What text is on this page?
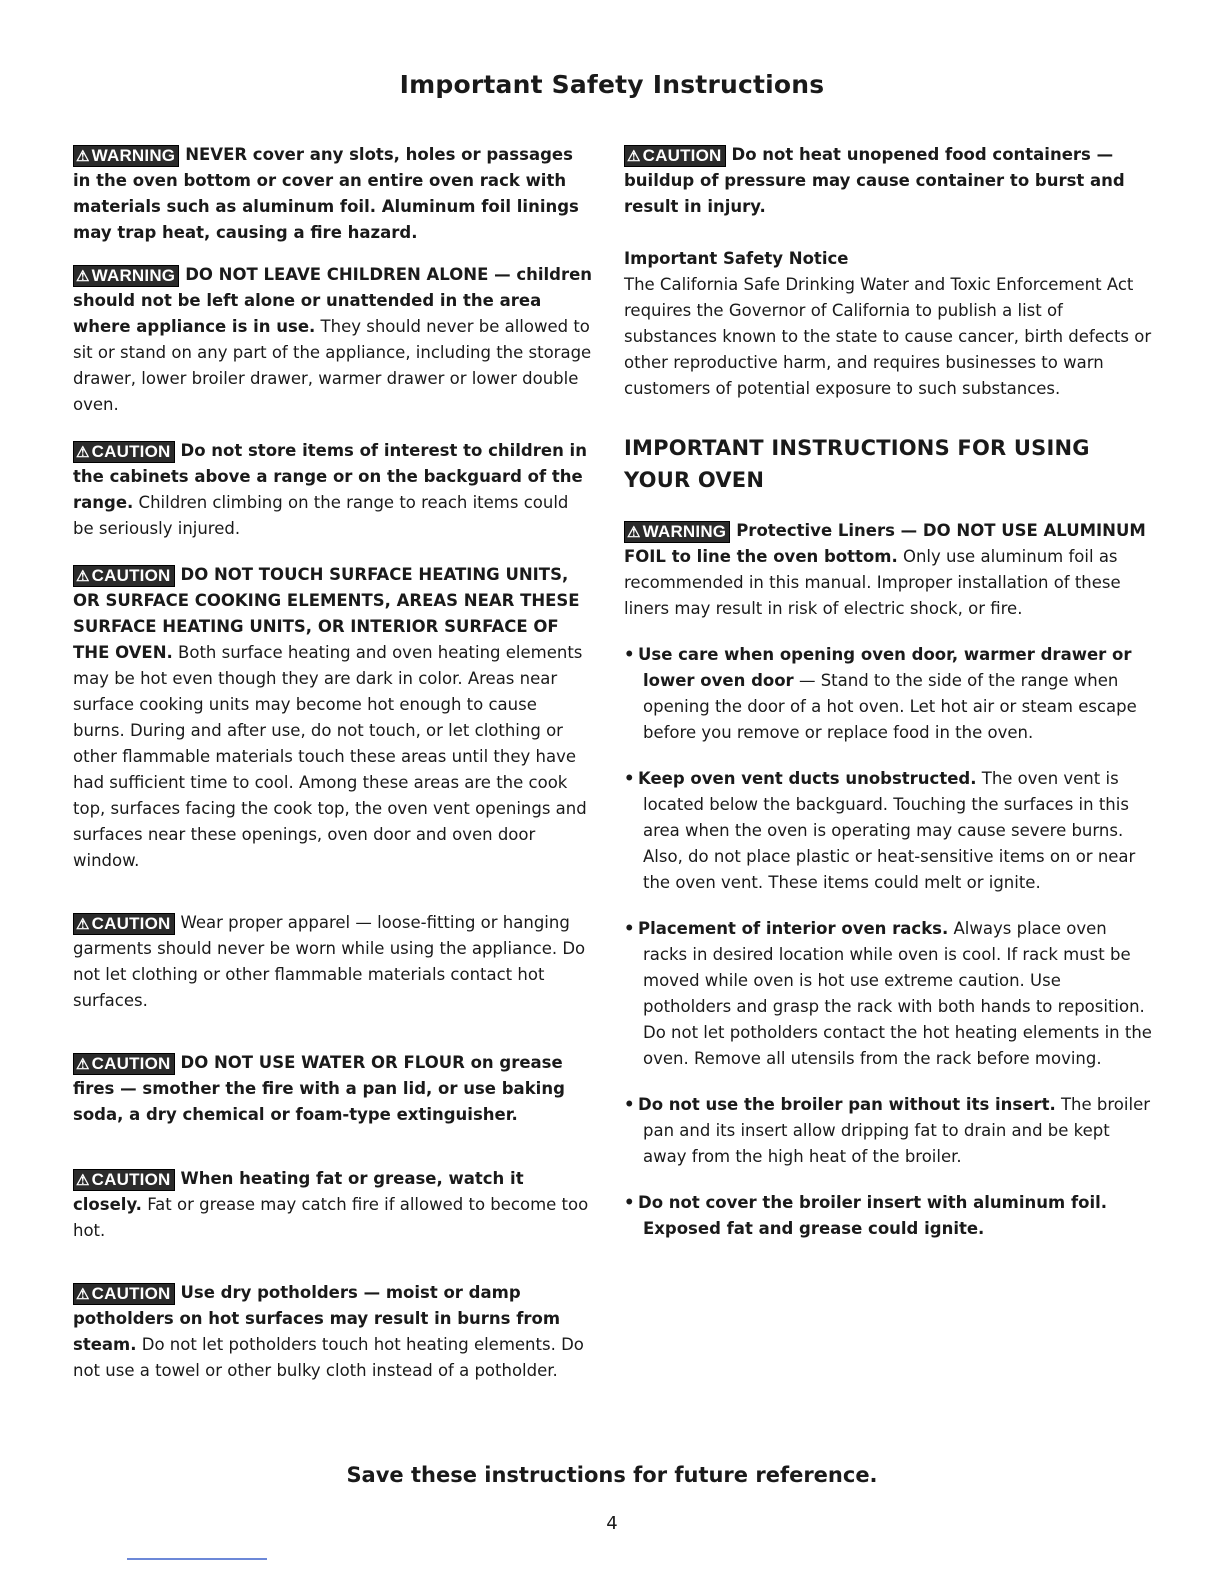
Important Safety Instructions

⚠ WARNING NEVER cover any slots, holes or passages in the oven bottom or cover an entire oven rack with materials such as aluminum foil. Aluminum foil linings may trap heat, causing a fire hazard.

⚠ WARNING DO NOT LEAVE CHILDREN ALONE — children should not be left alone or unattended in the area where appliance is in use. They should never be allowed to sit or stand on any part of the appliance, including the storage drawer, lower broiler drawer, warmer drawer or lower double oven.

⚠ CAUTION Do not store items of interest to children in the cabinets above a range or on the backguard of the range. Children climbing on the range to reach items could be seriously injured.

⚠ CAUTION DO NOT TOUCH SURFACE HEATING UNITS, OR SURFACE COOKING ELEMENTS, AREAS NEAR THESE SURFACE HEATING UNITS, OR INTERIOR SURFACE OF THE OVEN. Both surface heating and oven heating elements may be hot even though they are dark in color. Areas near surface cooking units may become hot enough to cause burns. During and after use, do not touch, or let clothing or other flammable materials touch these areas until they have had sufficient time to cool. Among these areas are the cook top, surfaces facing the cook top, the oven vent openings and surfaces near these openings, oven door and oven door window.

⚠ CAUTION Wear proper apparel — loose-fitting or hanging garments should never be worn while using the appliance. Do not let clothing or other flammable materials contact hot surfaces.

⚠ CAUTION DO NOT USE WATER OR FLOUR on grease fires — smother the fire with a pan lid, or use baking soda, a dry chemical or foam-type extinguisher.

⚠ CAUTION When heating fat or grease, watch it closely. Fat or grease may catch fire if allowed to become too hot.

⚠ CAUTION Use dry potholders — moist or damp potholders on hot surfaces may result in burns from steam. Do not let potholders touch hot heating elements. Do not use a towel or other bulky cloth instead of a potholder.

⚠ CAUTION Do not heat unopened food containers — buildup of pressure may cause container to burst and result in injury.

Important Safety Notice

The California Safe Drinking Water and Toxic Enforcement Act requires the Governor of California to publish a list of substances known to the state to cause cancer, birth defects or other reproductive harm, and requires businesses to warn customers of potential exposure to such substances.

IMPORTANT INSTRUCTIONS FOR USING YOUR OVEN

⚠ WARNING Protective Liners — DO NOT USE ALUMINUM FOIL to line the oven bottom. Only use aluminum foil as recommended in this manual. Improper installation of these liners may result in risk of electric shock, or fire.

• Use care when opening oven door, warmer drawer or lower oven door — Stand to the side of the range when opening the door of a hot oven. Let hot air or steam escape before you remove or replace food in the oven.

• Keep oven vent ducts unobstructed. The oven vent is located below the backguard. Touching the surfaces in this area when the oven is operating may cause severe burns. Also, do not place plastic or heat-sensitive items on or near the oven vent. These items could melt or ignite.

• Placement of interior oven racks. Always place oven racks in desired location while oven is cool. If rack must be moved while oven is hot use extreme caution. Use potholders and grasp the rack with both hands to reposition. Do not let potholders contact the hot heating elements in the oven. Remove all utensils from the rack before moving.

• Do not use the broiler pan without its insert. The broiler pan and its insert allow dripping fat to drain and be kept away from the high heat of the broiler.

• Do not cover the broiler insert with aluminum foil. Exposed fat and grease could ignite.

Save these instructions for future reference.
4
